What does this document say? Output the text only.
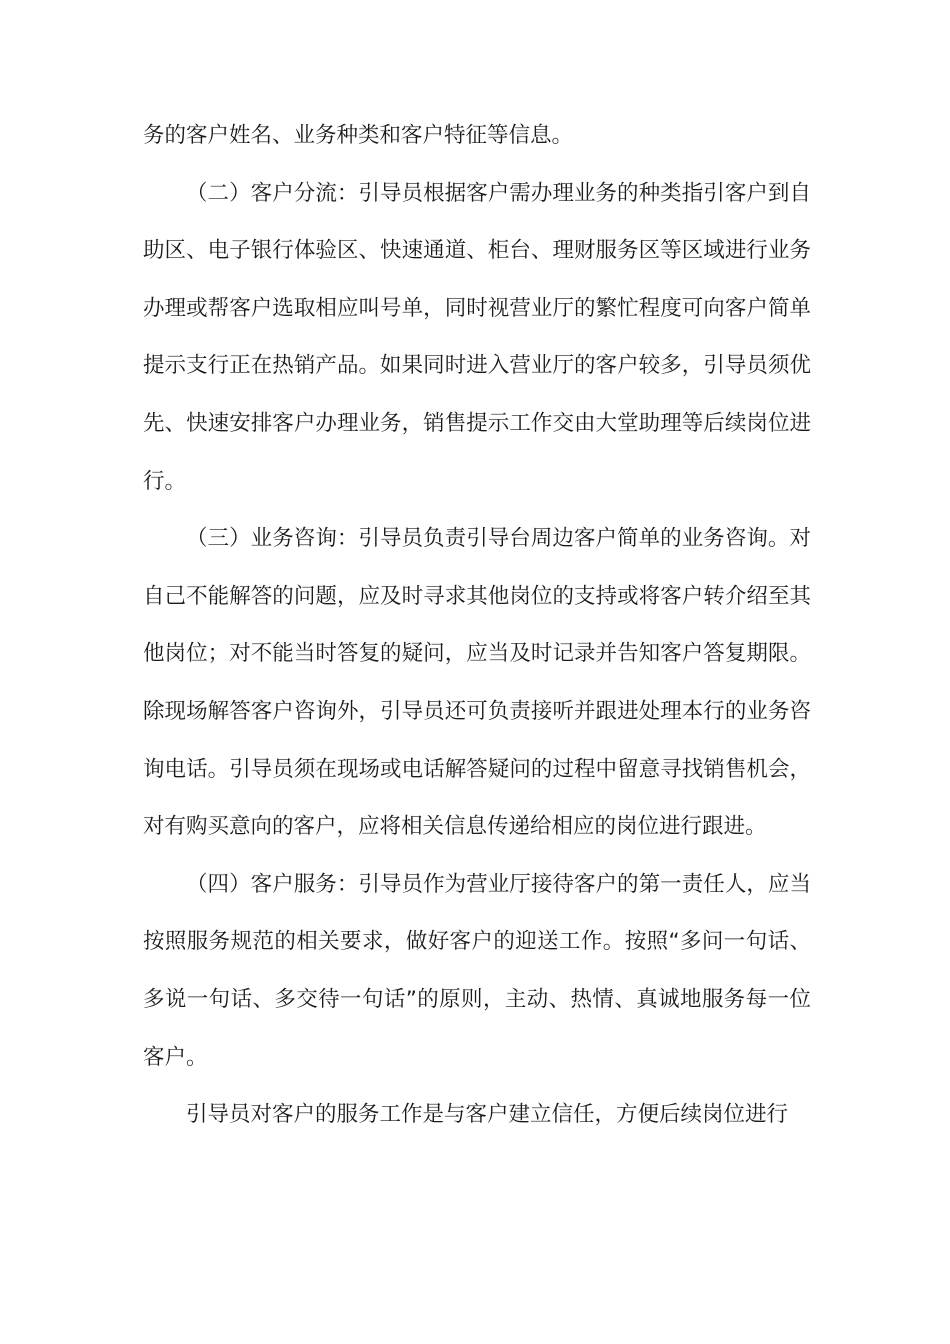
务的客户姓名、业务种类和客户特征等信息。

（二）客户分流：引导员根据客户需办理业务的种类指引客户到自助区、电子银行体验区、快速通道、柜台、理财服务区等区域进行业务办理或帮客户选取相应叫号单，同时视营业厅的繁忙程度可向客户简单提示支行正在热销产品。如果同时进入营业厅的客户较多，引导员须优先、快速安排客户办理业务，销售提示工作交由大堂助理等后续岗位进行。

（三）业务咨询：引导员负责引导台周边客户简单的业务咨询。对自己不能解答的问题，应及时寻求其他岗位的支持或将客户转介绍至其他岗位；对不能当时答复的疑问，应当及时记录并告知客户答复期限。除现场解答客户咨询外，引导员还可负责接听并跟进处理本行的业务咨询电话。引导员须在现场或电话解答疑问的过程中留意寻找销售机会，对有购买意向的客户，应将相关信息传递给相应的岗位进行跟进。

（四）客户服务：引导员作为营业厅接待客户的第一责任人，应当按照服务规范的相关要求，做好客户的迎送工作。按照“多问一句话、多说一句话、多交待一句话”的原则，主动、热情、真诚地服务每一位客户。

引导员对客户的服务工作是与客户建立信任，方便后续岗位进行
